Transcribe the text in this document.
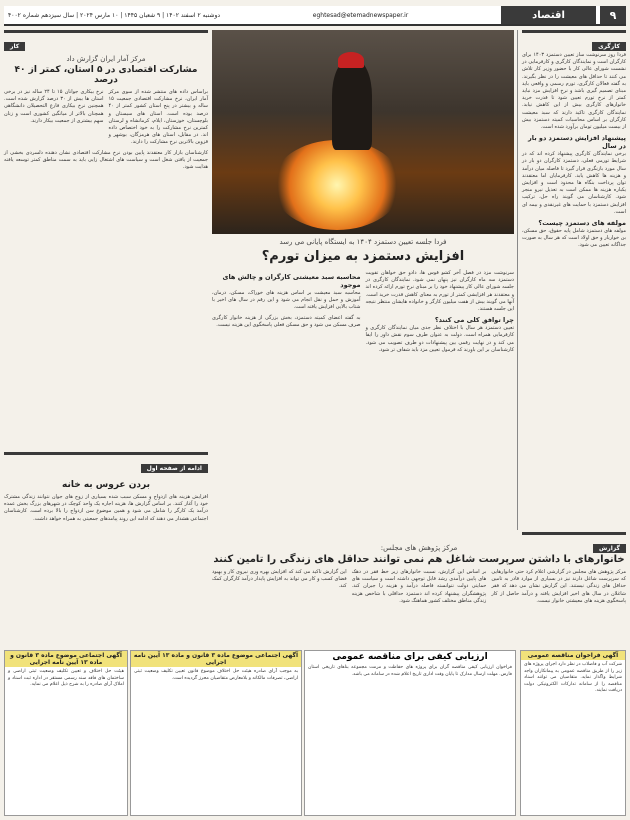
۹
اقتصاد
eghtesad@etemadnewspaper.ir
دوشنبه ۲ اسفند ۱۴۰۲ | ۹ شعبان ۱۴۴۵ | ۱۰ مارس ۲۰۲۴ | سال سیزدهم شماره ۴۰۰۲
کارگری
فردا روز سرنوشت ساز تعیین دستمزد ۱۴۰۳ برای کارگران است و نمایندگان کارگری و کارفرمایی در نشست شورای عالی کار با حضور وزیر کار تلاش می کنند تا حداقل های معیشت را در نظر بگیرند. به گفته فعالان کارگری، تورم رسمی و واقعی باید مبنای تصمیم گیری باشد و نرخ افزایش مزد نباید کمتر از نرخ تورم تعیین شود تا قدرت خرید خانوارهای کارگری بیش از این کاهش نیابد. نمایندگان کارگری تاکید دارند که سبد معیشت کارگران بر اساس محاسبات کمیته دستمزد بیش از بیست میلیون تومان برآورد شده است.
پیشنهاد افزایش دستمزد دو بار در سال
برخی نمایندگان کارگری پیشنهاد کرده اند که در شرایط تورمی فعلی، دستمزد کارگران دو بار در سال مورد بازنگری قرار گیرد تا فاصله میان درآمد و هزینه ها کاهش یابد. کارفرمایان اما معتقدند توان پرداخت بنگاه ها محدود است و افزایش یکباره هزینه ها ممکن است به تعدیل نیرو منجر شود. کارشناسان می گویند راه حل، ترکیب افزایش دستمزد با حمایت های غیرنقدی و بیمه ای است.
مولفه های دستمزد چیست؟
مولفه های دستمزد شامل پایه حقوق، حق مسکن، بن خواربار و حق اولاد است که هر سال به صورت جداگانه تعیین می شود.
گزارش
کار
مرکز آمار ایران گزارش داد
مشارکت اقتصادی در ۵ استان، کمتر از ۴۰ درصد
براساس داده های منتشر شده از سوی مرکز آمار ایران، نرخ مشارکت اقتصادی جمعیت ۱۵ ساله و بیشتر در پنج استان کشور کمتر از ۴۰ درصد بوده است. استان های سیستان و بلوچستان، خوزستان، ایلام، کرمانشاه و لرستان کمترین نرخ مشارکت را به خود اختصاص داده اند. در مقابل، استان های هرمزگان، بوشهر و قزوین بالاترین نرخ مشارکت را دارند.
نرخ بیکاری جوانان ۱۵ تا ۲۴ ساله نیز در برخی استان ها بیش از ۳۰ درصد گزارش شده است. همچنین نرخ بیکاری فارغ التحصیلان دانشگاهی همچنان بالاتر از میانگین کشوری است و زنان سهم بیشتری از جمعیت بیکار دارند.
کارشناسان بازار کار معتقدند پایین بودن نرخ مشارکت اقتصادی نشان دهنده دلسردی بخشی از جمعیت از یافتن شغل است و سیاست های اشتغال زایی باید به سمت مناطق کمتر توسعه یافته هدایت شود.
فردا جلسه تعیین دستمزد ۱۴۰۴ به ایستگاه پایانی می رسد
افزایش دستمزد به میزان تورم؟
سرنوشت مزد در فصل آخر کشو قوس ها، دادو حق خواهان تقویت دستمزد سه ماه کارگران نیز پنهان نمی شود. نمایندگان کارگری در جلسه شورای عالی کار پیشنهاد خود را بر مبنای نرخ تورم ارائه کرده اند و معتقدند هر افزایشی کمتر از تورم به معنای کاهش قدرت خرید است. آنها می گویند بیش از هفت میلیون کارگر و خانواده هایشان منتظر نتیجه این جلسه هستند.
چرا توافق کلی می کنند؟
تعیین دستمزد هر سال با اختلاف نظر جدی میان نمایندگان کارگری و کارفرمایی همراه است. دولت به عنوان طرف سوم نقش داور را ایفا می کند و در نهایت رقمی بین پیشنهادات دو طرف تصویب می شود. کارشناسان بر این باورند که فرمول تعیین مزد باید شفاف تر شود.
محاسبه سبد معیشتی کارگران و چالش های موجود
محاسبه سبد معیشت بر اساس هزینه های خوراک، مسکن، درمان، آموزش و حمل و نقل انجام می شود و این رقم در سال های اخیر با شتاب بالایی افزایش یافته است.
به گفته اعضای کمیته دستمزد، بخش بزرگی از هزینه خانوار کارگری صرف مسکن می شود و حق مسکن فعلی پاسخگوی این هزینه نیست.
ادامه از صفحه اول
بردن عروس به خانه
افزایش هزینه های ازدواج و مسکن سبب شده بسیاری از زوج های جوان نتوانند زندگی مشترک خود را آغاز کنند. بر اساس گزارش ها، هزینه اجاره یک واحد کوچک در شهرهای بزرگ بخش عمده درآمد یک کارگر را شامل می شود و همین موضوع سن ازدواج را بالا برده است. کارشناسان اجتماعی هشدار می دهند که ادامه این روند پیامدهای جمعیتی به همراه خواهد داشت.
مرکز پژوهش های مجلس:
خانوارهای با داشتن سرپرست شاغل هم نمی توانند حداقل های زندگی را تامین کنند
مرکز پژوهش های مجلس در گزارشی اعلام کرد حتی خانوارهایی که سرپرست شاغل دارند نیز در بسیاری از موارد قادر به تامین حداقل های زندگی نیستند. این گزارش نشان می دهد که فقر شاغلان در سال های اخیر افزایش یافته و درآمد حاصل از کار پاسخگوی هزینه های معیشتی خانوار نیست.
بر اساس این گزارش، نسبت خانوارهای زیر خط فقر در دهک های پایین درآمدی رشد قابل توجهی داشته است و سیاست های حمایتی دولت نتوانسته فاصله درآمد و هزینه را جبران کند. پژوهشگران پیشنهاد کرده اند دستمزد حداقلی با شاخص هزینه زندگی مناطق مختلف کشور هماهنگ شود.
این گزارش تاکید می کند که افزایش بهره وری نیروی کار و بهبود فضای کسب و کار می تواند به افزایش پایدار درآمد کارگران کمک کند.
آگهی فراخوان مناقصه عمومی
شرکت آب و فاضلاب در نظر دارد اجرای پروژه های زیر را از طریق مناقصه عمومی به پیمانکاران واجد شرایط واگذار نماید. متقاضیان می توانند اسناد مناقصه را از سامانه تدارکات الکترونیکی دولت دریافت نمایند.
آگهی اجتماعی موضوع ماده ۳ قانون و ماده ۱۳ آیین نامه اجرایی
هیئت حل اختلاف و تعیین تکلیف وضعیت ثبتی اراضی و ساختمان های فاقد سند رسمی مستقر در اداره ثبت اسناد و املاک آرای صادره را به شرح ذیل اعلام می نماید.
آگهی اجتماعی موضوع ماده ۳ قانون و ماده ۱۳ آیین نامه اجرایی
به موجب آرای صادره هیئت حل اختلاف موضوع قانون تعیین تکلیف وضعیت ثبتی اراضی، تصرفات مالکانه و بلامعارض متقاضیان محرز گردیده است.
ارزیابی کیفی برای مناقصه عمومی
فراخوان ارزیابی کیفی مناقصه گران برای پروژه های حفاظت و مرمت مجموعه بناهای تاریخی استان فارس. مهلت ارسال مدارک تا پایان وقت اداری تاریخ اعلام شده در سامانه می باشد.
